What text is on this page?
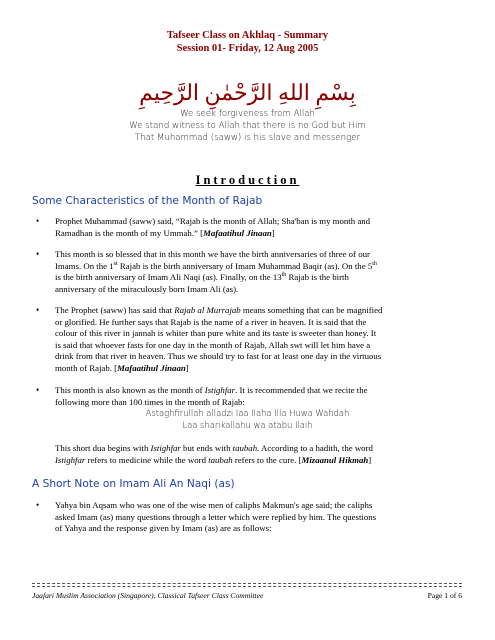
Tafseer Class on Akhlaq - Summary
Session 01- Friday, 12 Aug 2005
بِسْمِ اللهِ الرَّحْمٰنِ الرَّحِيمِ
We seek forgiveness from Allah
We stand witness to Allah that there is no God but Him
That Muhammad (saww) is his slave and messenger
Introduction
Some Characteristics of the Month of Rajab
•	Prophet Muhammad (saww) said, “Rajab is the month of Allah; Sha'ban is my month and
Ramadhan is the month of my Ummah.” [Mafaatihul Jinaan]
•	This month is so blessed that in this month we have the birth anniversaries of three of our
Imams. On the 1st Rajab is the birth anniversary of Imam Muhammad Baqir (as). On the 5th
is the birth anniversary of Imam Ali Naqi (as). Finally, on the 13th Rajab is the birth
anniversary of the miraculously born Imam Ali (as).
•	The Prophet (saww) has said that Rajab al Murrajab means something that can be magnified
or glorified. He further says that Rajab is the name of a river in heaven. It is said that the
colour of this river in jannah is whiter than pure white and its taste is sweeter than honey. It
is said that whoever fasts for one day in the month of Rajab, Allah swt will let him have a
drink from that river in heaven. Thus we should try to fast for at least one day in the virtuous
month of Rajab. [Mafaatihul Jinaan]
•	This month is also known as the month of Istighfar. It is recommended that we recite the
following more than 100 times in the month of Rajab:
Astaghfirullah alladzi laa Ilaha Illa Huwa Wahdah
Laa sharikallahu wa atabu Ilaih
This short dua begins with Istighfar but ends with taubah. According to a hadith, the word
Istighfar refers to medicine while the word taubah refers to the cure. [Mizaanul Hikmah]
A Short Note on Imam Ali An Naqi (as)
•	Yahya bin Aqsam who was one of the wise men of caliphs Makmun's age said; the caliphs
asked Imam (as) many questions through a letter which were replied by him. The questions
of Yahya and the response given by Imam (as) are as follows:
Jaafari Muslim Association (Singapore), Classical Tafseer Class Committee	Page 1 of 6
